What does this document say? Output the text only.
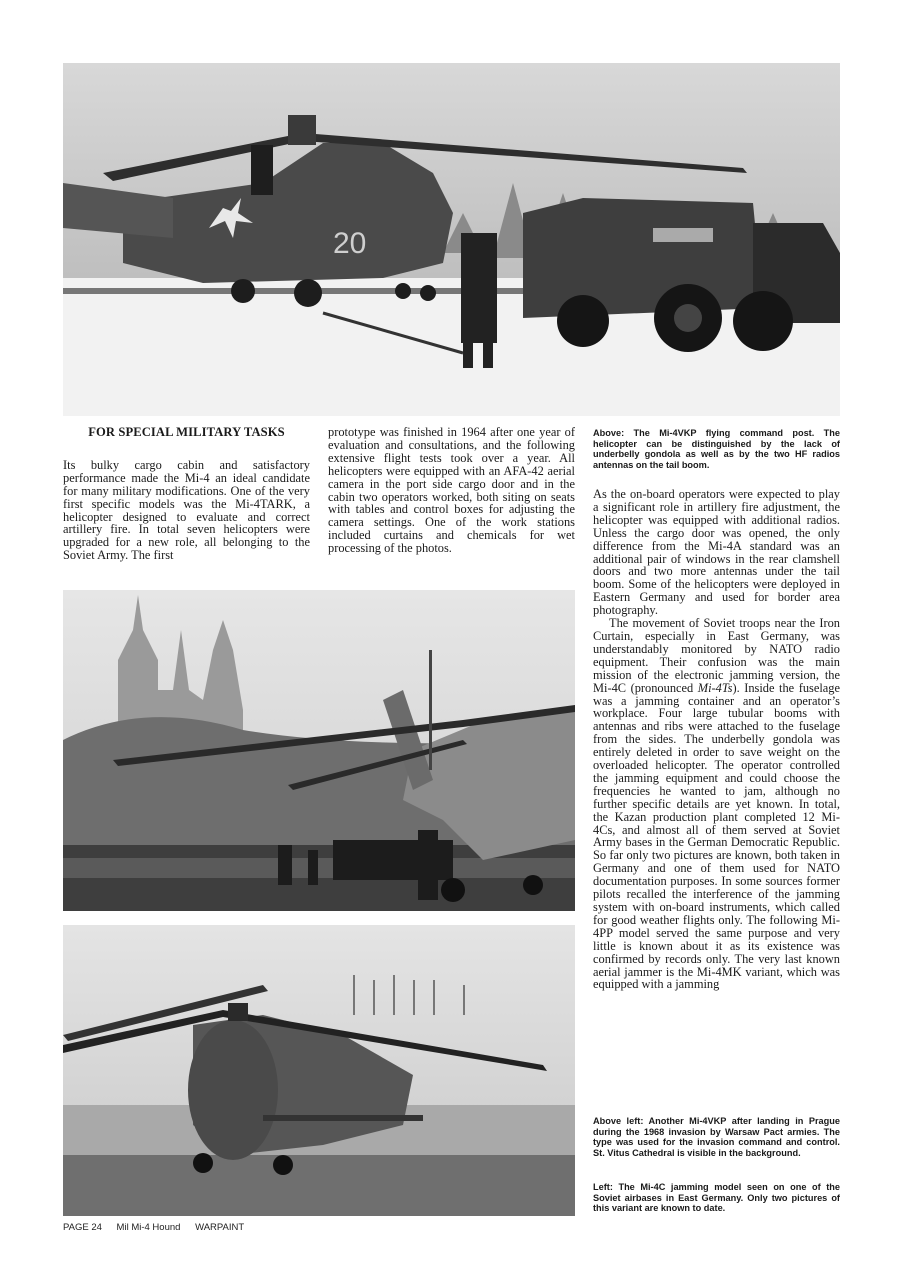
20
FOR SPECIAL MILITARY TASKS

Its bulky cargo cabin and satisfactory performance made the Mi-4 an ideal candidate for many military modifications. One of the very first specific models was the Mi-4TARK, a helicopter designed to evaluate and correct artillery fire. In total seven helicopters were upgraded for a new role, all belonging to the Soviet Army. The first

prototype was finished in 1964 after one year of evaluation and consultations, and the following extensive flight tests took over a year. All helicopters were equipped with an AFA-42 aerial camera in the port side cargo door and in the cabin two operators worked, both siting on seats with tables and control boxes for adjusting the camera settings. One of the work stations included curtains and chemicals for wet processing of the photos.

Above: The Mi-4VKP flying command post. The helicopter can be distinguished by the lack of underbelly gondola as well as by the two HF radios antennas on the tail boom.

As the on-board operators were expected to play a significant role in artillery fire adjustment, the helicopter was equipped with additional radios. Unless the cargo door was opened, the only difference from the Mi-4A standard was an additional pair of windows in the rear clamshell doors and two more antennas under the tail boom. Some of the helicopters were deployed in Eastern Germany and used for border area photography.

The movement of Soviet troops near the Iron Curtain, especially in East Germany, was understandably monitored by NATO radio equipment. Their confusion was the main mission of the electronic jamming version, the Mi-4C (pronounced Mi-4Ts). Inside the fuselage was a jamming container and an operator’s workplace. Four large tubular booms with antennas and ribs were attached to the fuselage from the sides. The underbelly gondola was entirely deleted in order to save weight on the overloaded helicopter. The operator controlled the jamming equipment and could choose the frequencies he wanted to jam, although no further specific details are yet known. In total, the Kazan production plant completed 12 Mi-4Cs, and almost all of them served at Soviet Army bases in the German Democratic Republic. So far only two pictures are known, both taken in Germany and one of them used for NATO documentation purposes. In some sources former pilots recalled the interference of the jamming system with on-board instruments, which called for good weather flights only. The following Mi-4PP model served the same purpose and very little is known about it as its existence was confirmed by records only. The very last known aerial jammer is the Mi-4MK variant, which was equipped with a jamming

Above left: Another Mi-4VKP after landing in Prague during the 1968 invasion by Warsaw Pact armies. The type was used for the invasion command and control. St. Vitus Cathedral is visible in the background.
Left: The Mi-4C jamming model seen on one of the Soviet airbases in East Germany. Only two pictures of this variant are known to date.
PAGE 24 Mil Mi-4 Hound WARPAINT
